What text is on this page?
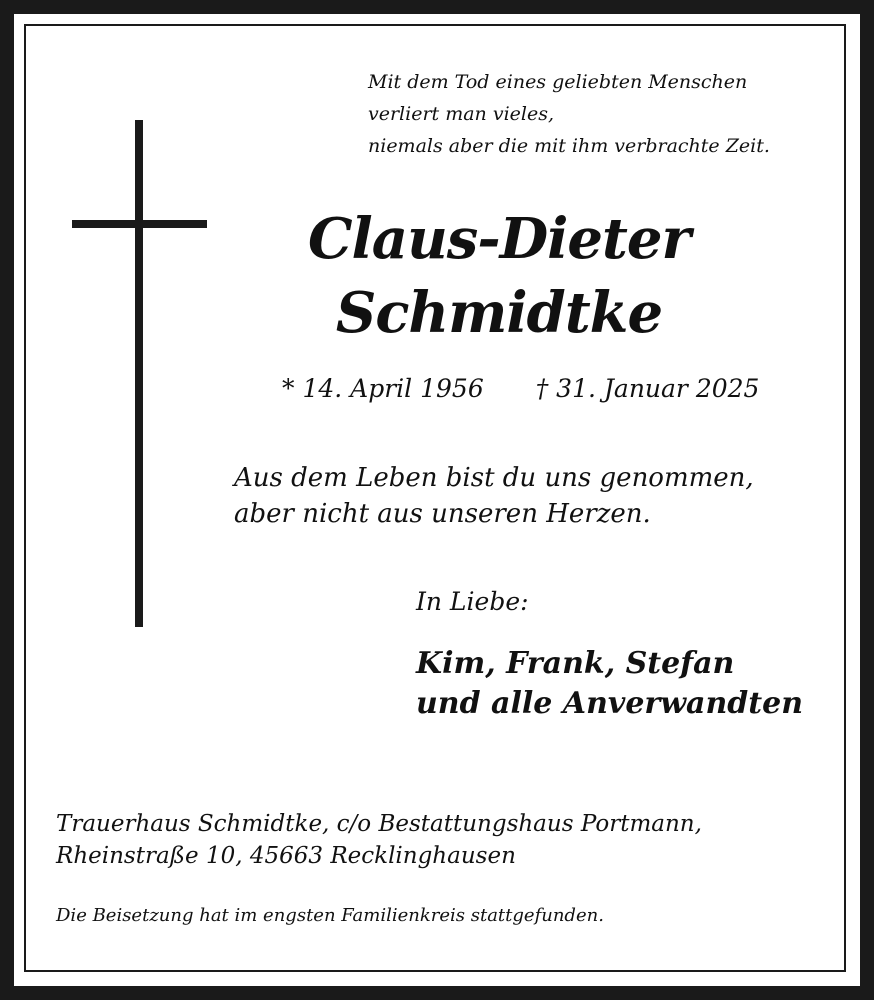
Mit dem Tod eines geliebten Menschen
verliert man vieles,
niemals aber die mit ihm verbrachte Zeit.
Claus-Dieter
Schmidtke
* 14. April 1956 † 31. Januar 2025
Aus dem Leben bist du uns genommen,
aber nicht aus unseren Herzen.
In Liebe:
Kim, Frank, Stefan
und alle Anverwandten
Trauerhaus Schmidtke, c/o Bestattungshaus Portmann,
Rheinstraße 10, 45663 Recklinghausen
Die Beisetzung hat im engsten Familienkreis stattgefunden.
